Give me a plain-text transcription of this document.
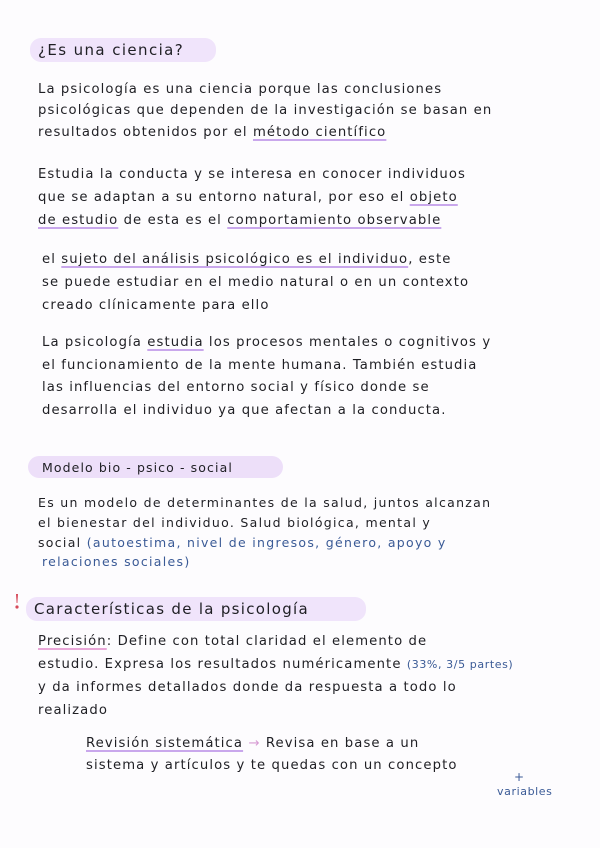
¿Es una ciencia?
La psicología es una ciencia porque las conclusiones
psicológicas que dependen de la investigación se basan en
resultados obtenidos por el método científico
Estudia la conducta y se interesa en conocer individuos
que se adaptan a su entorno natural, por eso el objeto
de estudio de esta es el comportamiento observable
el sujeto del análisis psicológico es el individuo, este
se puede estudiar en el medio natural o en un contexto
creado clínicamente para ello
La psicología estudia los procesos mentales o cognitivos y
el funcionamiento de la mente humana. También estudia
las influencias del entorno social y físico donde se
desarrolla el individuo ya que afectan a la conducta.
Modelo bio - psico - social
Es un modelo de determinantes de la salud, juntos alcanzan
el bienestar del individuo. Salud biológica, mental y
social (autoestima, nivel de ingresos, género, apoyo y
relaciones sociales)
Características de la psicología
Precisión: Define con total claridad el elemento de
estudio. Expresa los resultados numéricamente (33%, 3/5 partes)
y da informes detallados donde da respuesta a todo lo
realizado
Revisión sistemática → Revisa en base a un
sistema y artículos y te quedas con un concepto
+
variables
